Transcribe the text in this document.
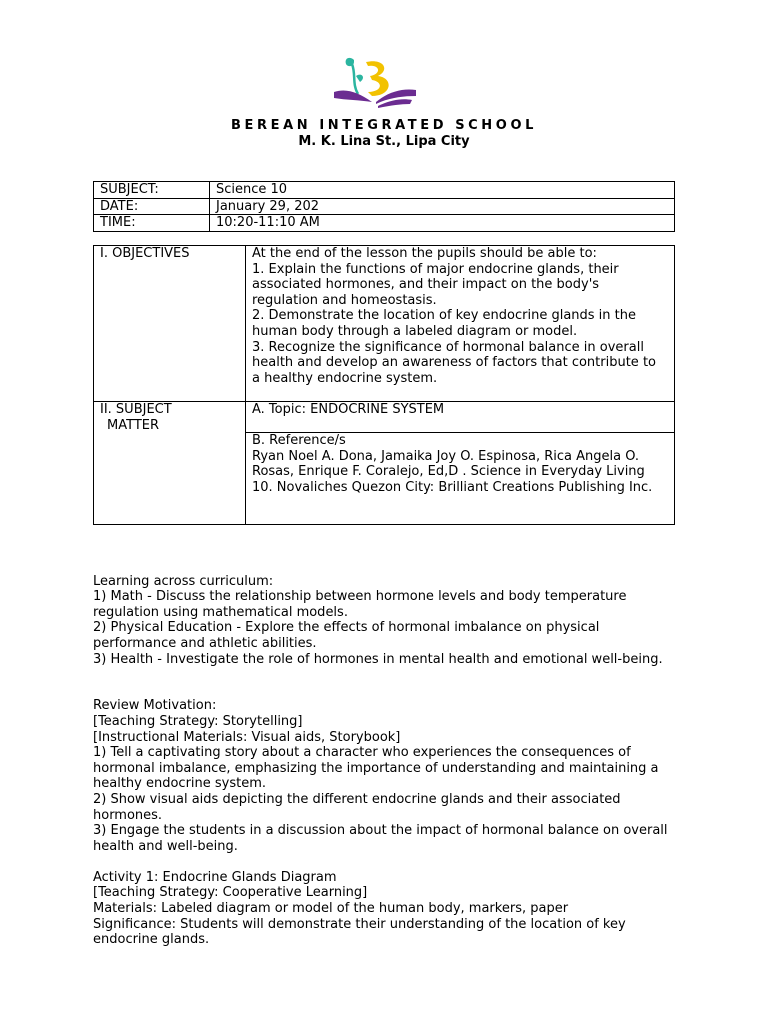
BEREAN INTEGRATED SCHOOL
M. K. Lina St., Lipa City
SUBJECT:	Science 10
DATE:	January 29, 202
TIME:	10:20-11:10 AM
I. OBJECTIVES	At the end of the lesson the pupils should be able to:
1. Explain the functions of major endocrine glands, their associated hormones, and their impact on the body's regulation and homeostasis.
2. Demonstrate the location of key endocrine glands in the human body through a labeled diagram or model.
3. Recognize the significance of hormonal balance in overall health and develop an awareness of factors that contribute to a healthy endocrine system.

II. SUBJECT
MATTER	A. Topic: ENDOCRINE SYSTEM

	B. Reference/s
Ryan Noel A. Dona, Jamaika Joy O. Espinosa, Rica Angela O. Rosas, Enrique F. Coralejo, Ed,D . Science in Everyday Living 10. Novaliches Quezon City: Brilliant Creations Publishing Inc.

Learning across curriculum:
1) Math - Discuss the relationship between hormone levels and body temperature regulation using mathematical models.
2) Physical Education - Explore the effects of hormonal imbalance on physical performance and athletic abilities.
3) Health - Investigate the role of hormones in mental health and emotional well-being.

Review Motivation:
[Teaching Strategy: Storytelling]
[Instructional Materials: Visual aids, Storybook]
1) Tell a captivating story about a character who experiences the consequences of hormonal imbalance, emphasizing the importance of understanding and maintaining a healthy endocrine system.
2) Show visual aids depicting the different endocrine glands and their associated hormones.
3) Engage the students in a discussion about the impact of hormonal balance on overall health and well-being.
Activity 1: Endocrine Glands Diagram
[Teaching Strategy: Cooperative Learning]
Materials: Labeled diagram or model of the human body, markers, paper
Significance: Students will demonstrate their understanding of the location of key endocrine glands.
